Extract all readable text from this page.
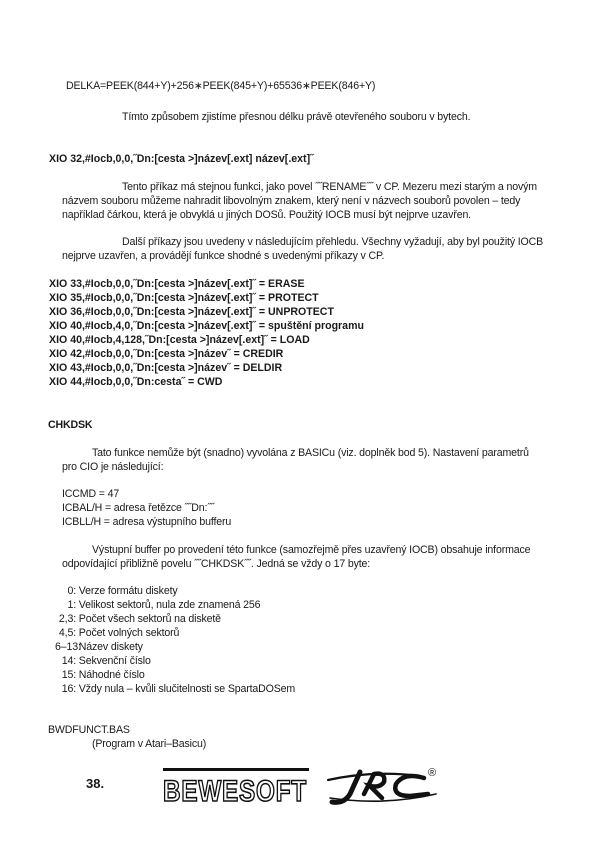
DELKA=PEEK(844+Y)+256∗PEEK(845+Y)+65536∗PEEK(846+Y)
Tímto způsobem zjistíme přesnou délku právě otevřeného souboru v bytech.
XIO 32,#Iocb,0,0,˝Dn:[cesta >]název[.ext] název[.ext]˝
Tento příkaz má stejnou funkci, jako povel ˝˝RENAME˝˝ v CP. Mezeru mezi starým a novým
názvem souboru můžeme nahradit libovolným znakem, který není v názvech souborů povolen – tedy
například čárkou, která je obvyklá u jiných DOSů. Použitý IOCB musí být nejprve uzavřen.
Další příkazy jsou uvedeny v následujícím přehledu. Všechny vyžadují, aby byl použitý IOCB
nejprve uzavřen, a provádějí funkce shodné s uvedenými příkazy v CP.
XIO 33,#Iocb,0,0,˝Dn:[cesta >]název[.ext]˝ = ERASE
XIO 35,#Iocb,0,0,˝Dn:[cesta >]název[.ext]˝ = PROTECT
XIO 36,#Iocb,0,0,˝Dn:[cesta >]název[.ext]˝ = UNPROTECT
XIO 40,#Iocb,4,0,˝Dn:[cesta >]název[.ext]˝ = spuštění programu
XIO 40,#Iocb,4,128,˝Dn:[cesta >]název[.ext]˝ = LOAD
XIO 42,#Iocb,0,0,˝Dn:[cesta >]název˝ = CREDIR
XIO 43,#Iocb,0,0,˝Dn:[cesta >]název˝ = DELDIR
XIO 44,#Iocb,0,0,˝Dn:cesta˝ = CWD
CHKDSK
Tato funkce nemůže být (snadno) vyvolána z BASICu (viz. doplněk bod 5). Nastavení parametrů
pro CIO je následující:
ICCMD = 47
ICBAL/H = adresa řetězce ˝˝Dn:˝˝
ICBLL/H = adresa výstupního bufferu
Výstupní buffer po provedení této funkce (samozřejmě přes uzavřený IOCB) obsahuje informace
odpovídající přibližně povelu ˝˝CHKDSK˝˝. Jedná se vždy o 17 byte:
0: Verze formátu diskety
1: Velikost sektorů, nula zde znamená 256
2,3: Počet všech sektorů na disketě
4,5: Počet volných sektorů
6–13: Název diskety
14: Sekvenční číslo
15: Náhodné číslo
16: Vždy nula – kvůli slučitelnosti se SpartaDOSem
BWDFUNCT.BAS
(Program v Atari–Basicu)
38. BEWESOFT	JRC
®
